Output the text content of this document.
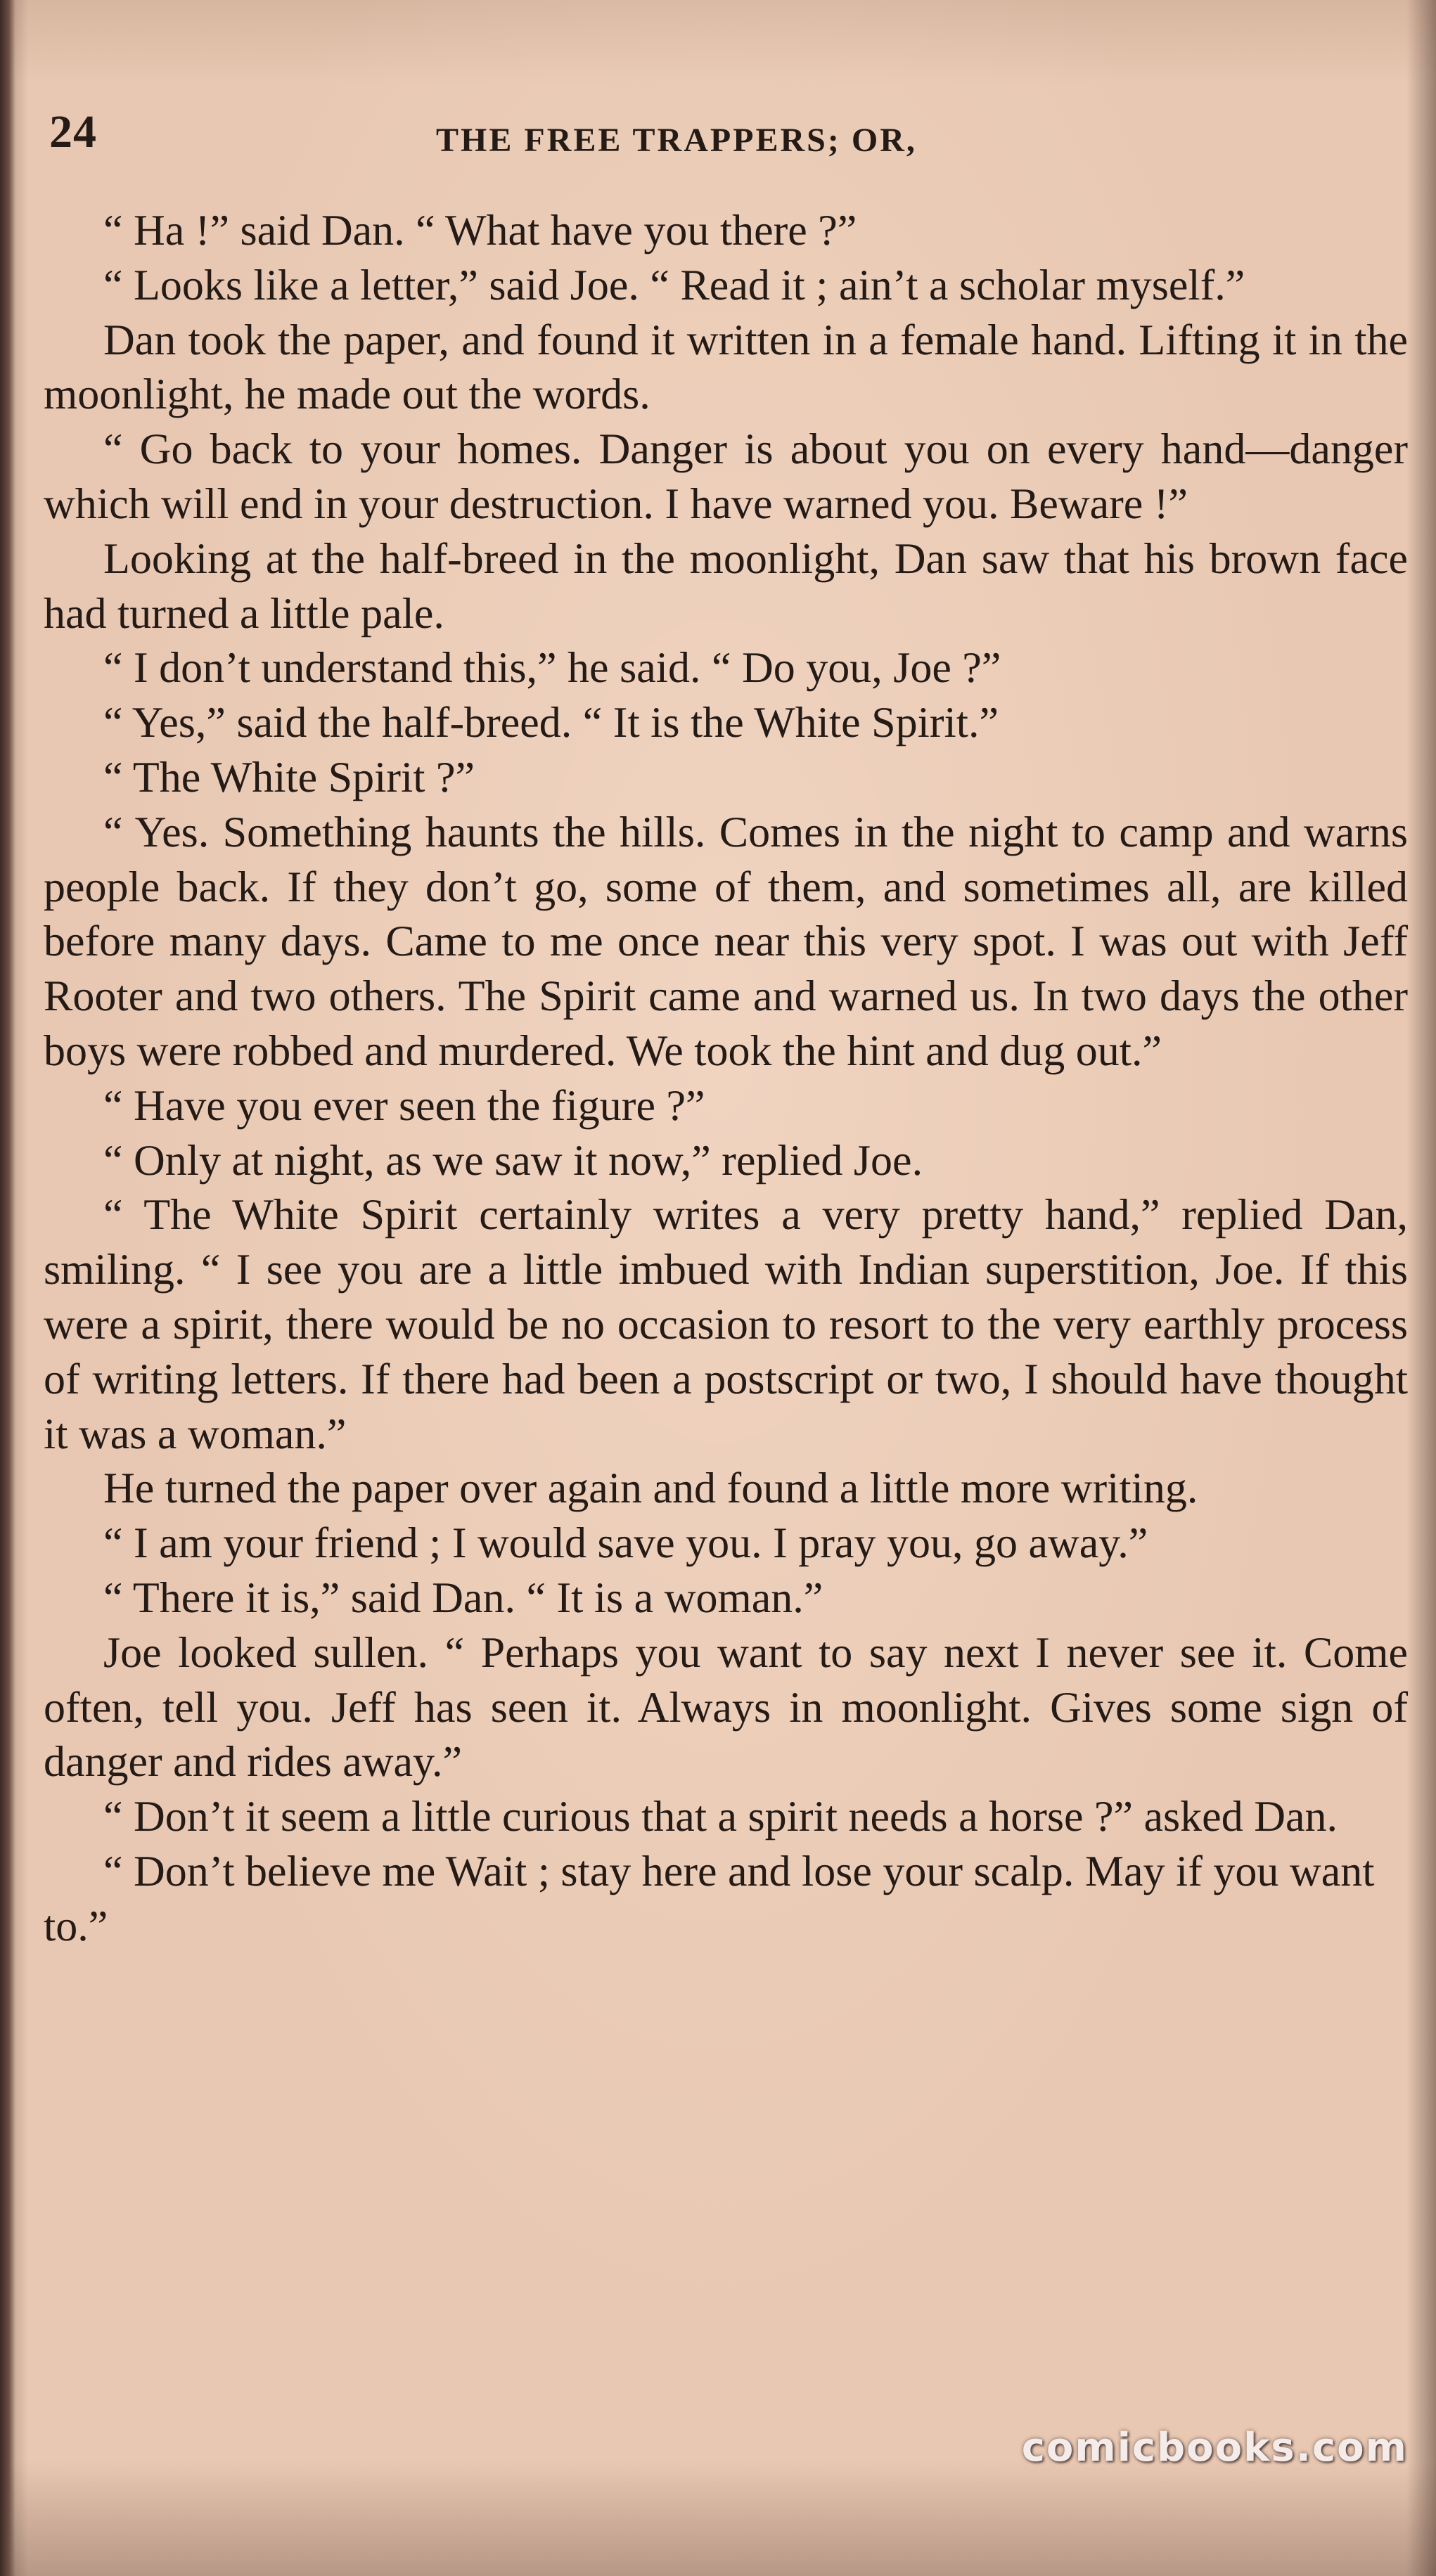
24	THE FREE TRAPPERS; OR,

“ Ha !” said Dan. “ What have you there ?”

“ Looks like a letter,” said Joe. “ Read it ; ain’t a scholar myself.”

Dan took the paper, and found it written in a female hand. Lifting it in the moonlight, he made out the words.

“ Go back to your homes. Danger is about you on every hand—danger which will end in your destruction. I have warned you. Beware !”

Looking at the half-breed in the moonlight, Dan saw that his brown face had turned a little pale.

“ I don’t understand this,” he said. “ Do you, Joe ?”

“ Yes,” said the half-breed. “ It is the White Spirit.”

“ The White Spirit ?”

“ Yes. Something haunts the hills. Comes in the night to camp and warns people back. If they don’t go, some of them, and sometimes all, are killed before many days. Came to me once near this very spot. I was out with Jeff Rooter and two others. The Spirit came and warned us. In two days the other boys were robbed and murdered. We took the hint and dug out.”

“ Have you ever seen the figure ?”

“ Only at night, as we saw it now,” replied Joe.

“ The White Spirit certainly writes a very pretty hand,” replied Dan, smiling. “ I see you are a little imbued with Indian superstition, Joe. If this were a spirit, there would be no occasion to resort to the very earthly process of writing letters. If there had been a postscript or two, I should have thought it was a woman.”

He turned the paper over again and found a little more writing.

“ I am your friend ; I would save you. I pray you, go away.”

“ There it is,” said Dan. “ It is a woman.”

Joe looked sullen. “ Perhaps you want to say next I never see it. Come often, tell you. Jeff has seen it. Always in moonlight. Gives some sign of danger and rides away.”

“ Don’t it seem a little curious that a spirit needs a horse ?” asked Dan.

“ Don’t believe me Wait ; stay here and lose your scalp. May if you want to.”

comicbooks.com
